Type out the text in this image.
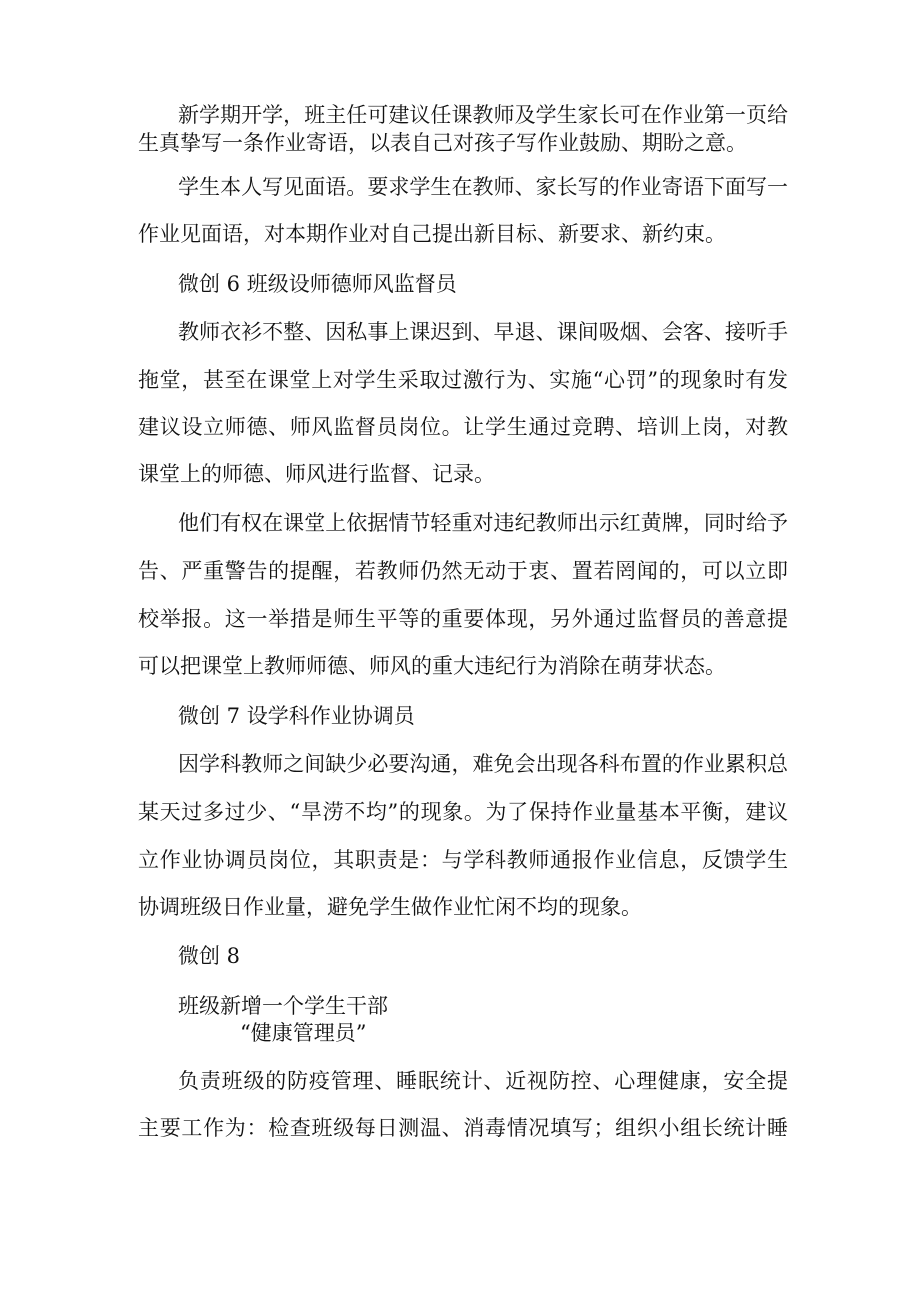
新学期开学，班主任可建议任课教师及学生家长可在作业第一页给
生真挚写一条作业寄语，以表自己对孩子写作业鼓励、期盼之意。
学生本人写见面语。要求学生在教师、家长写的作业寄语下面写一
作业见面语，对本期作业对自己提出新目标、新要求、新约束。
微创 6 班级设师德师风监督员
教师衣衫不整、因私事上课迟到、早退、课间吸烟、会客、接听手
拖堂，甚至在课堂上对学生采取过激行为、实施“心罚”的现象时有发
建议设立师德、师风监督员岗位。让学生通过竞聘、培训上岗，对教
课堂上的师德、师风进行监督、记录。
他们有权在课堂上依据情节轻重对违纪教师出示红黄牌，同时给予
告、严重警告的提醒，若教师仍然无动于衷、置若罔闻的，可以立即
校举报。这一举措是师生平等的重要体现，另外通过监督员的善意提
可以把课堂上教师师德、师风的重大违纪行为消除在萌芽状态。
微创 7 设学科作业协调员
因学科教师之间缺少必要沟通，难免会出现各科布置的作业累积总
某天过多过少、“旱涝不均”的现象。为了保持作业量基本平衡，建议
立作业协调员岗位，其职责是：与学科教师通报作业信息，反馈学生
协调班级日作业量，避免学生做作业忙闲不均的现象。
微创 8
班级新增一个学生干部
“健康管理员”
负责班级的防疫管理、睡眠统计、近视防控、心理健康，安全提
主要工作为：检查班级每日测温、消毒情况填写；组织小组长统计睡
